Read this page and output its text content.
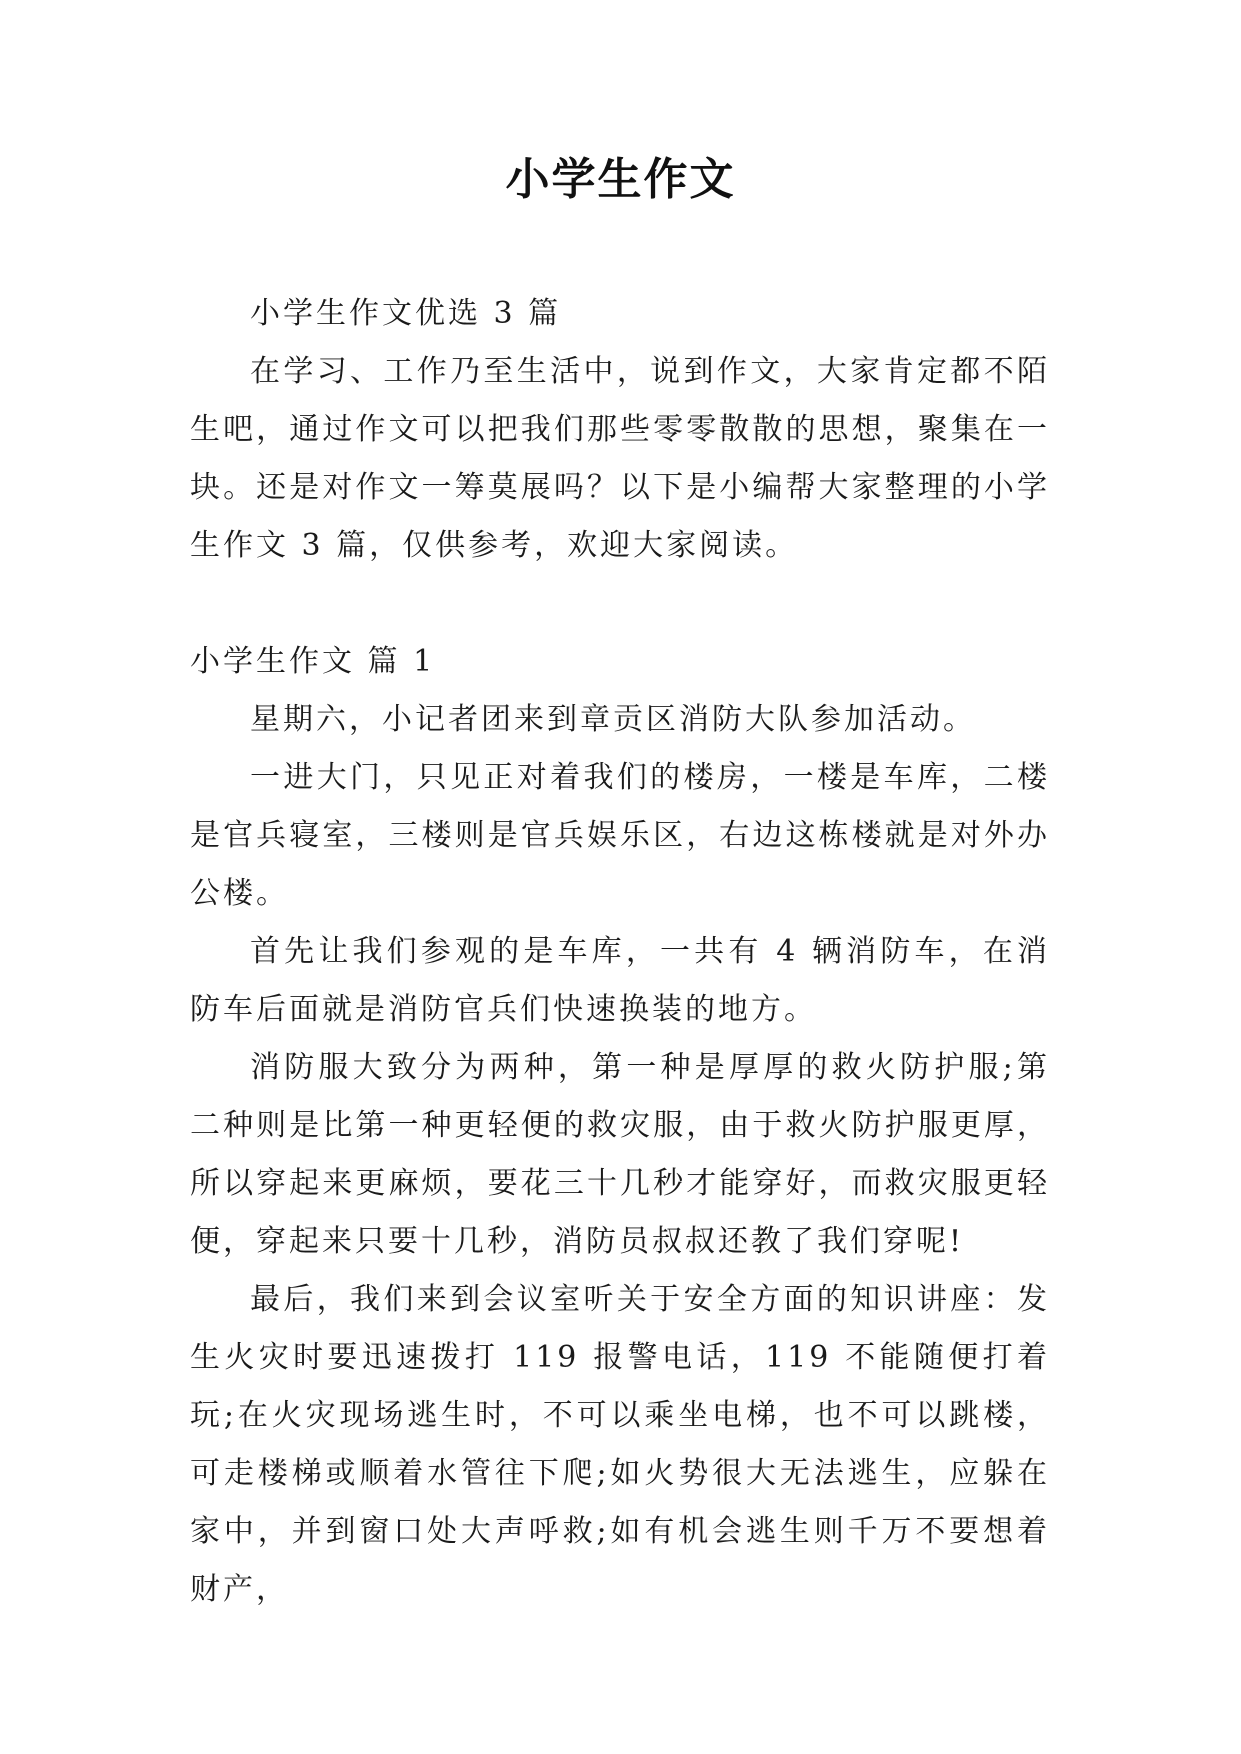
小学生作文

小学生作文优选 3 篇

在学习、工作乃至生活中，说到作文，大家肯定都不陌生吧，通过作文可以把我们那些零零散散的思想，聚集在一块。还是对作文一筹莫展吗？以下是小编帮大家整理的小学生作文 3 篇，仅供参考，欢迎大家阅读。

小学生作文 篇 1

星期六，小记者团来到章贡区消防大队参加活动。

一进大门，只见正对着我们的楼房，一楼是车库，二楼是官兵寝室，三楼则是官兵娱乐区，右边这栋楼就是对外办公楼。

首先让我们参观的是车库，一共有 4 辆消防车，在消防车后面就是消防官兵们快速换装的地方。

消防服大致分为两种，第一种是厚厚的救火防护服;第二种则是比第一种更轻便的救灾服，由于救火防护服更厚，所以穿起来更麻烦，要花三十几秒才能穿好，而救灾服更轻便，穿起来只要十几秒，消防员叔叔还教了我们穿呢!

最后，我们来到会议室听关于安全方面的知识讲座：发生火灾时要迅速拨打 119 报警电话，119 不能随便打着玩;在火灾现场逃生时，不可以乘坐电梯，也不可以跳楼，可走楼梯或顺着水管往下爬;如火势很大无法逃生，应躲在家中，并到窗口处大声呼救;如有机会逃生则千万不要想着财产，
